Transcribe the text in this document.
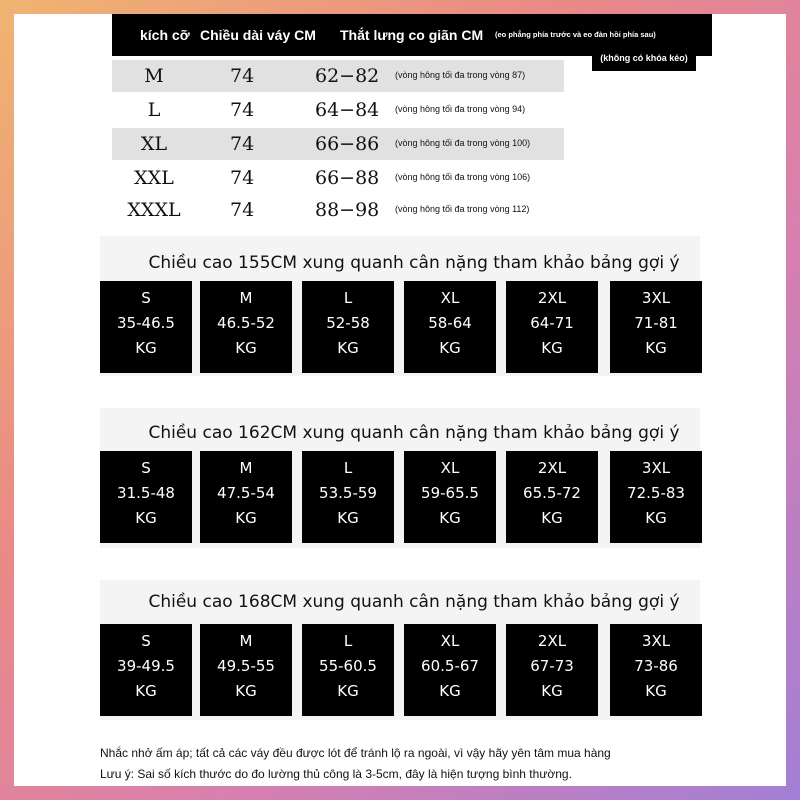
kích cỡ Chiều dài váy CM Thắt lưng co giãn CM (eo phẳng phía trước và eo đàn hồi phía sau)
(không có khóa kéo)
M	74	62−82 (vòng hông tối đa trong vòng 87)
L	74	64−84 (vòng hông tối đa trong vòng 94)
XL	74	66−86 (vòng hông tối đa trong vòng 100)
XXL	74	66−88 (vòng hông tối đa trong vòng 106)
XXXL	74	88−98 (vòng hông tối đa trong vòng 112)
Chiều cao 155CM xung quanh cân nặng tham khảo bảng gợi ý
S
35-46.5
KG
M
46.5-52
KG
L
52-58
KG
XL
58-64
KG
2XL
64-71
KG
3XL
71-81
KG
Chiều cao 162CM xung quanh cân nặng tham khảo bảng gợi ý
S
31.5-48
KG
M
47.5-54
KG
L
53.5-59
KG
XL
59-65.5
KG
2XL
65.5-72
KG
3XL
72.5-83
KG
Chiều cao 168CM xung quanh cân nặng tham khảo bảng gợi ý
S
39-49.5
KG
M
49.5-55
KG
L
55-60.5
KG
XL
60.5-67
KG
2XL
67-73
KG
3XL
73-86
KG
Nhắc nhở ấm áp; tất cả các váy đều được lót để tránh lộ ra ngoài, vì vậy hãy yên tâm mua hàng
Lưu ý: Sai số kích thước do đo lường thủ công là 3-5cm, đây là hiện tượng bình thường.
